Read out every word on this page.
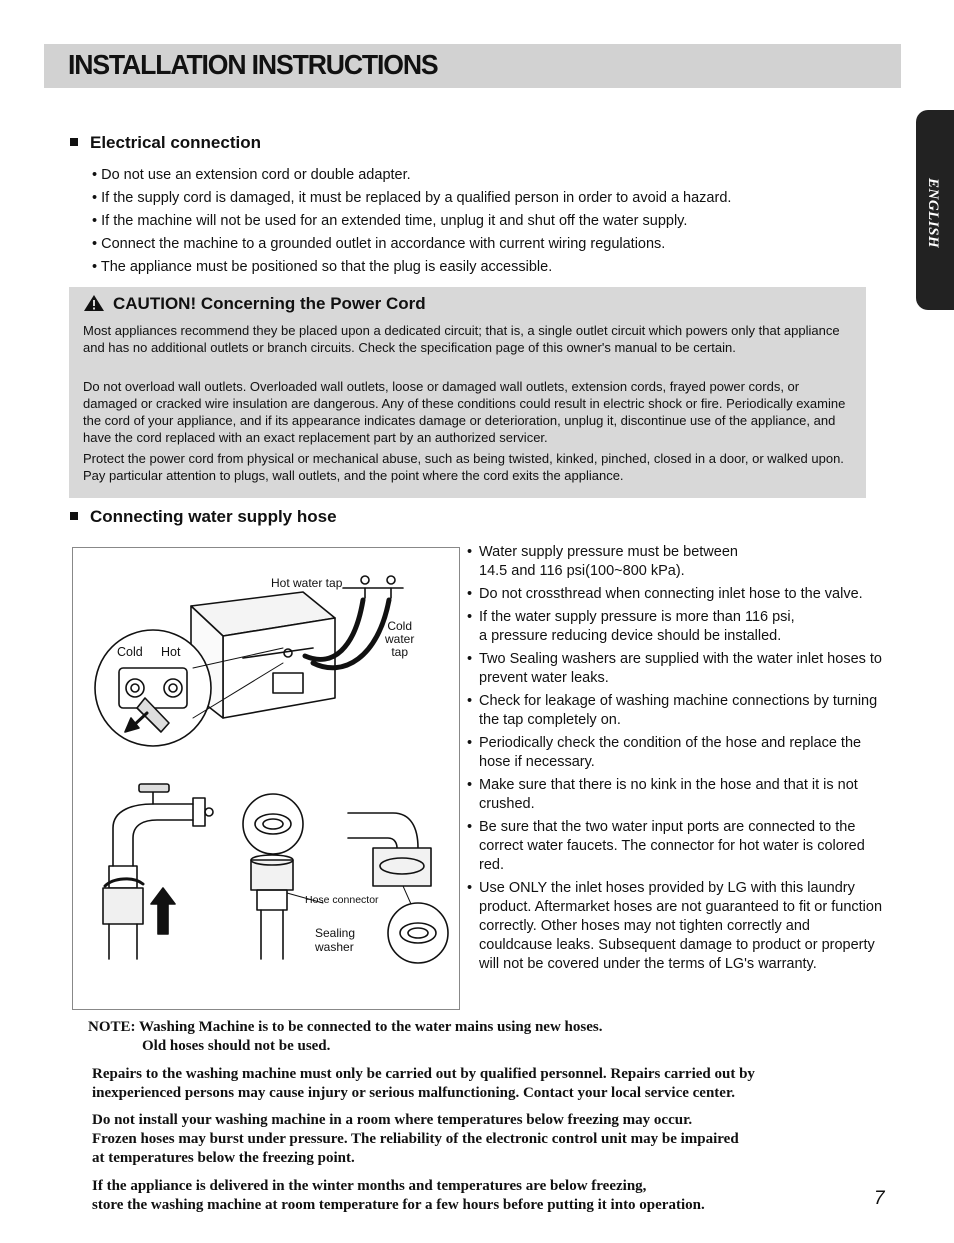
INSTALLATION INSTRUCTIONS
ENGLISH
Electrical connection
• Do not use an extension cord or double adapter.
• If the supply cord is damaged, it must be replaced by a qualified person in order to avoid a hazard.
• If the machine will not be used for an extended time, unplug it and shut off the water supply.
• Connect the machine to a grounded outlet in accordance with current wiring regulations.
• The appliance must be positioned so that the plug is easily accessible.
CAUTION! Concerning the Power Cord
Most appliances recommend they be placed upon a dedicated circuit; that is, a single outlet circuit which powers only that appliance and has no additional outlets or branch circuits. Check the specification page of this owner's manual to be certain.
Do not overload wall outlets. Overloaded wall outlets, loose or damaged wall outlets, extension cords, frayed power cords, or damaged or cracked wire insulation are dangerous. Any of these conditions could result in electric shock or fire. Periodically examine the cord of your appliance, and if its appearance indicates damage or deterioration, unplug it, discontinue use of the appliance, and have the cord replaced with an exact replacement part by an authorized servicer.
Protect the power cord from physical or mechanical abuse, such as being twisted, kinked, pinched, closed in a door, or walked upon. Pay particular attention to plugs, wall outlets, and the point where the cord exits the appliance.
Connecting water supply hose
Hot water tap
Cold
water
tap
Cold Hot
Hose connector
Sealing
washer
• Water supply pressure must be between
14.5 and 116 psi(100~800 kPa).
• Do not crossthread when connecting inlet hose to the valve.
• If the water supply pressure is more than 116 psi,
a pressure reducing device should be installed.
• Two Sealing washers are supplied with the water inlet hoses to prevent water leaks.
• Check for leakage of washing machine connections by turning the tap completely on.
• Periodically check the condition of the hose and replace the hose if necessary.
• Make sure that there is no kink in the hose and that it is not crushed.
• Be sure that the two water input ports are connected to the correct water faucets. The connector for hot water is colored red.
• Use ONLY the inlet hoses provided by LG with this laundry product. Aftermarket hoses are not guaranteed to fit or function correctly. Other hoses may not tighten correctly and couldcause leaks. Subsequent damage to product or property will not be covered under the terms of LG's warranty.
NOTE: Washing Machine is to be connected to the water mains using new hoses.
Old hoses should not be used.
Repairs to the washing machine must only be carried out by qualified personnel. Repairs carried out by
inexperienced persons may cause injury or serious malfunctioning. Contact your local service center.
Do not install your washing machine in a room where temperatures below freezing may occur.
Frozen hoses may burst under pressure. The reliability of the electronic control unit may be impaired
at temperatures below the freezing point.
If the appliance is delivered in the winter months and temperatures are below freezing,
store the washing machine at room temperature for a few hours before putting it into operation.	7
